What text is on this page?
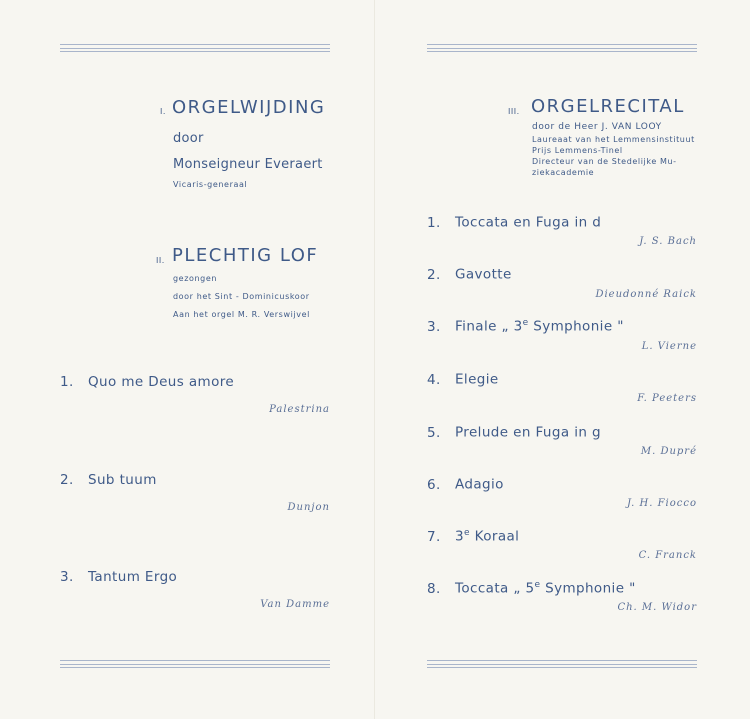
I. ORGELWIJDING
door
Monseigneur Everaert
Vicaris-generaal
II. PLECHTIG LOF
gezongen
door het Sint - Dominicuskoor
Aan het orgel M. R. Verswijvel
1. Quo me Deus amore
Palestrina
2. Sub tuum
Dunjon
3. Tantum Ergo
Van Damme
III. ORGELRECITAL
door de Heer J. VAN LOOY
Laureaat van het Lemmensinstituut
Prijs Lemmens-Tinel
Directeur van de Stedelijke Mu-
ziekacademie
1. Toccata en Fuga in d
J. S. Bach
2. Gavotte
Dieudonné Raick
3. Finale „ 3e Symphonie "
L. Vierne
4. Elegie
F. Peeters
5. Prelude en Fuga in g
M. Dupré
6. Adagio
J. H. Fiocco
7. 3e Koraal
C. Franck
8. Toccata „ 5e Symphonie "
Ch. M. Widor
